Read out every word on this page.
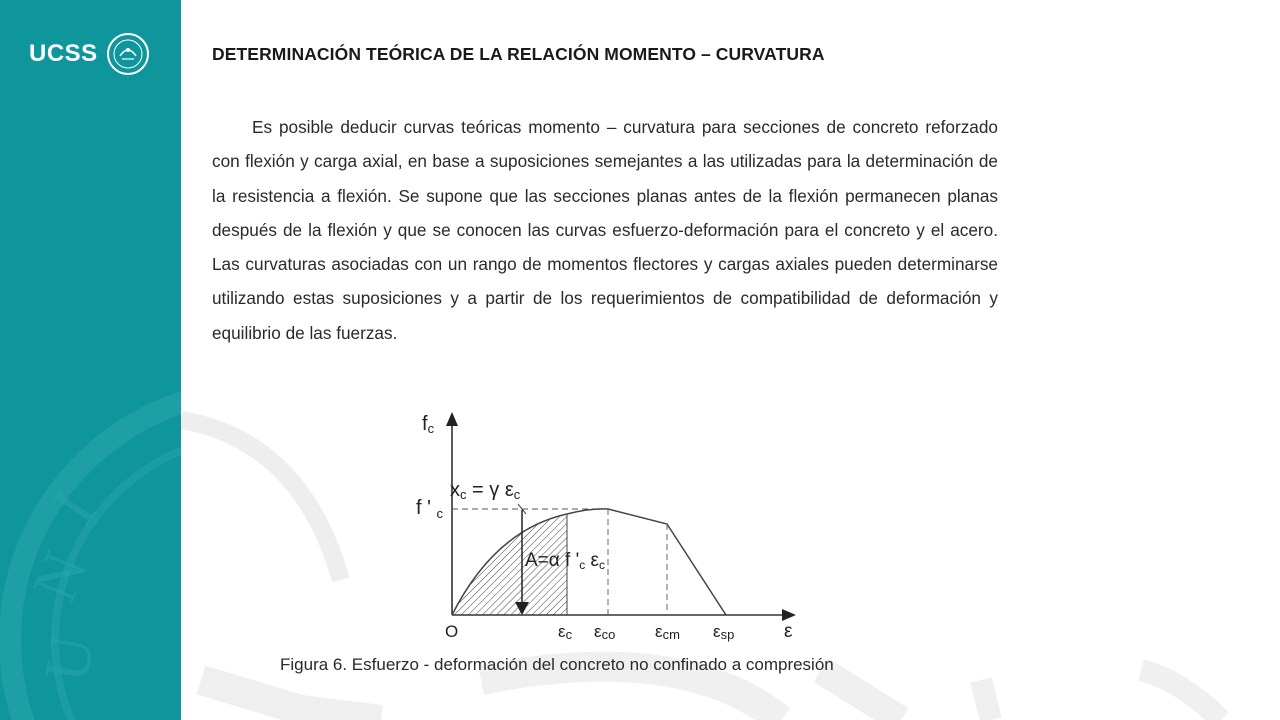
U
N
I
UCSS	DETERMINACIÓN TEÓRICA DE LA RELACIÓN MOMENTO – CURVATURA
Es posible deducir curvas teóricas momento – curvatura para secciones de concreto reforzado con flexión y carga axial, en base a suposiciones semejantes a las utilizadas para la determinación de la resistencia a flexión. Se supone que las secciones planas antes de la flexión permanecen planas después de la flexión y que se conocen las curvas esfuerzo-deformación para el concreto y el acero. Las curvaturas asociadas con un rango de momentos flectores y cargas axiales pueden determinarse utilizando estas suposiciones y a partir de los requerimientos de compatibilidad de deformación y equilibrio de las fuerzas.
fc
f ' $_c$
xc = γ εc
A=α f 'c εc
O	εc εco εcm εsp	ε
Figura 6. Esfuerzo - deformación del concreto no confinado a compresión
